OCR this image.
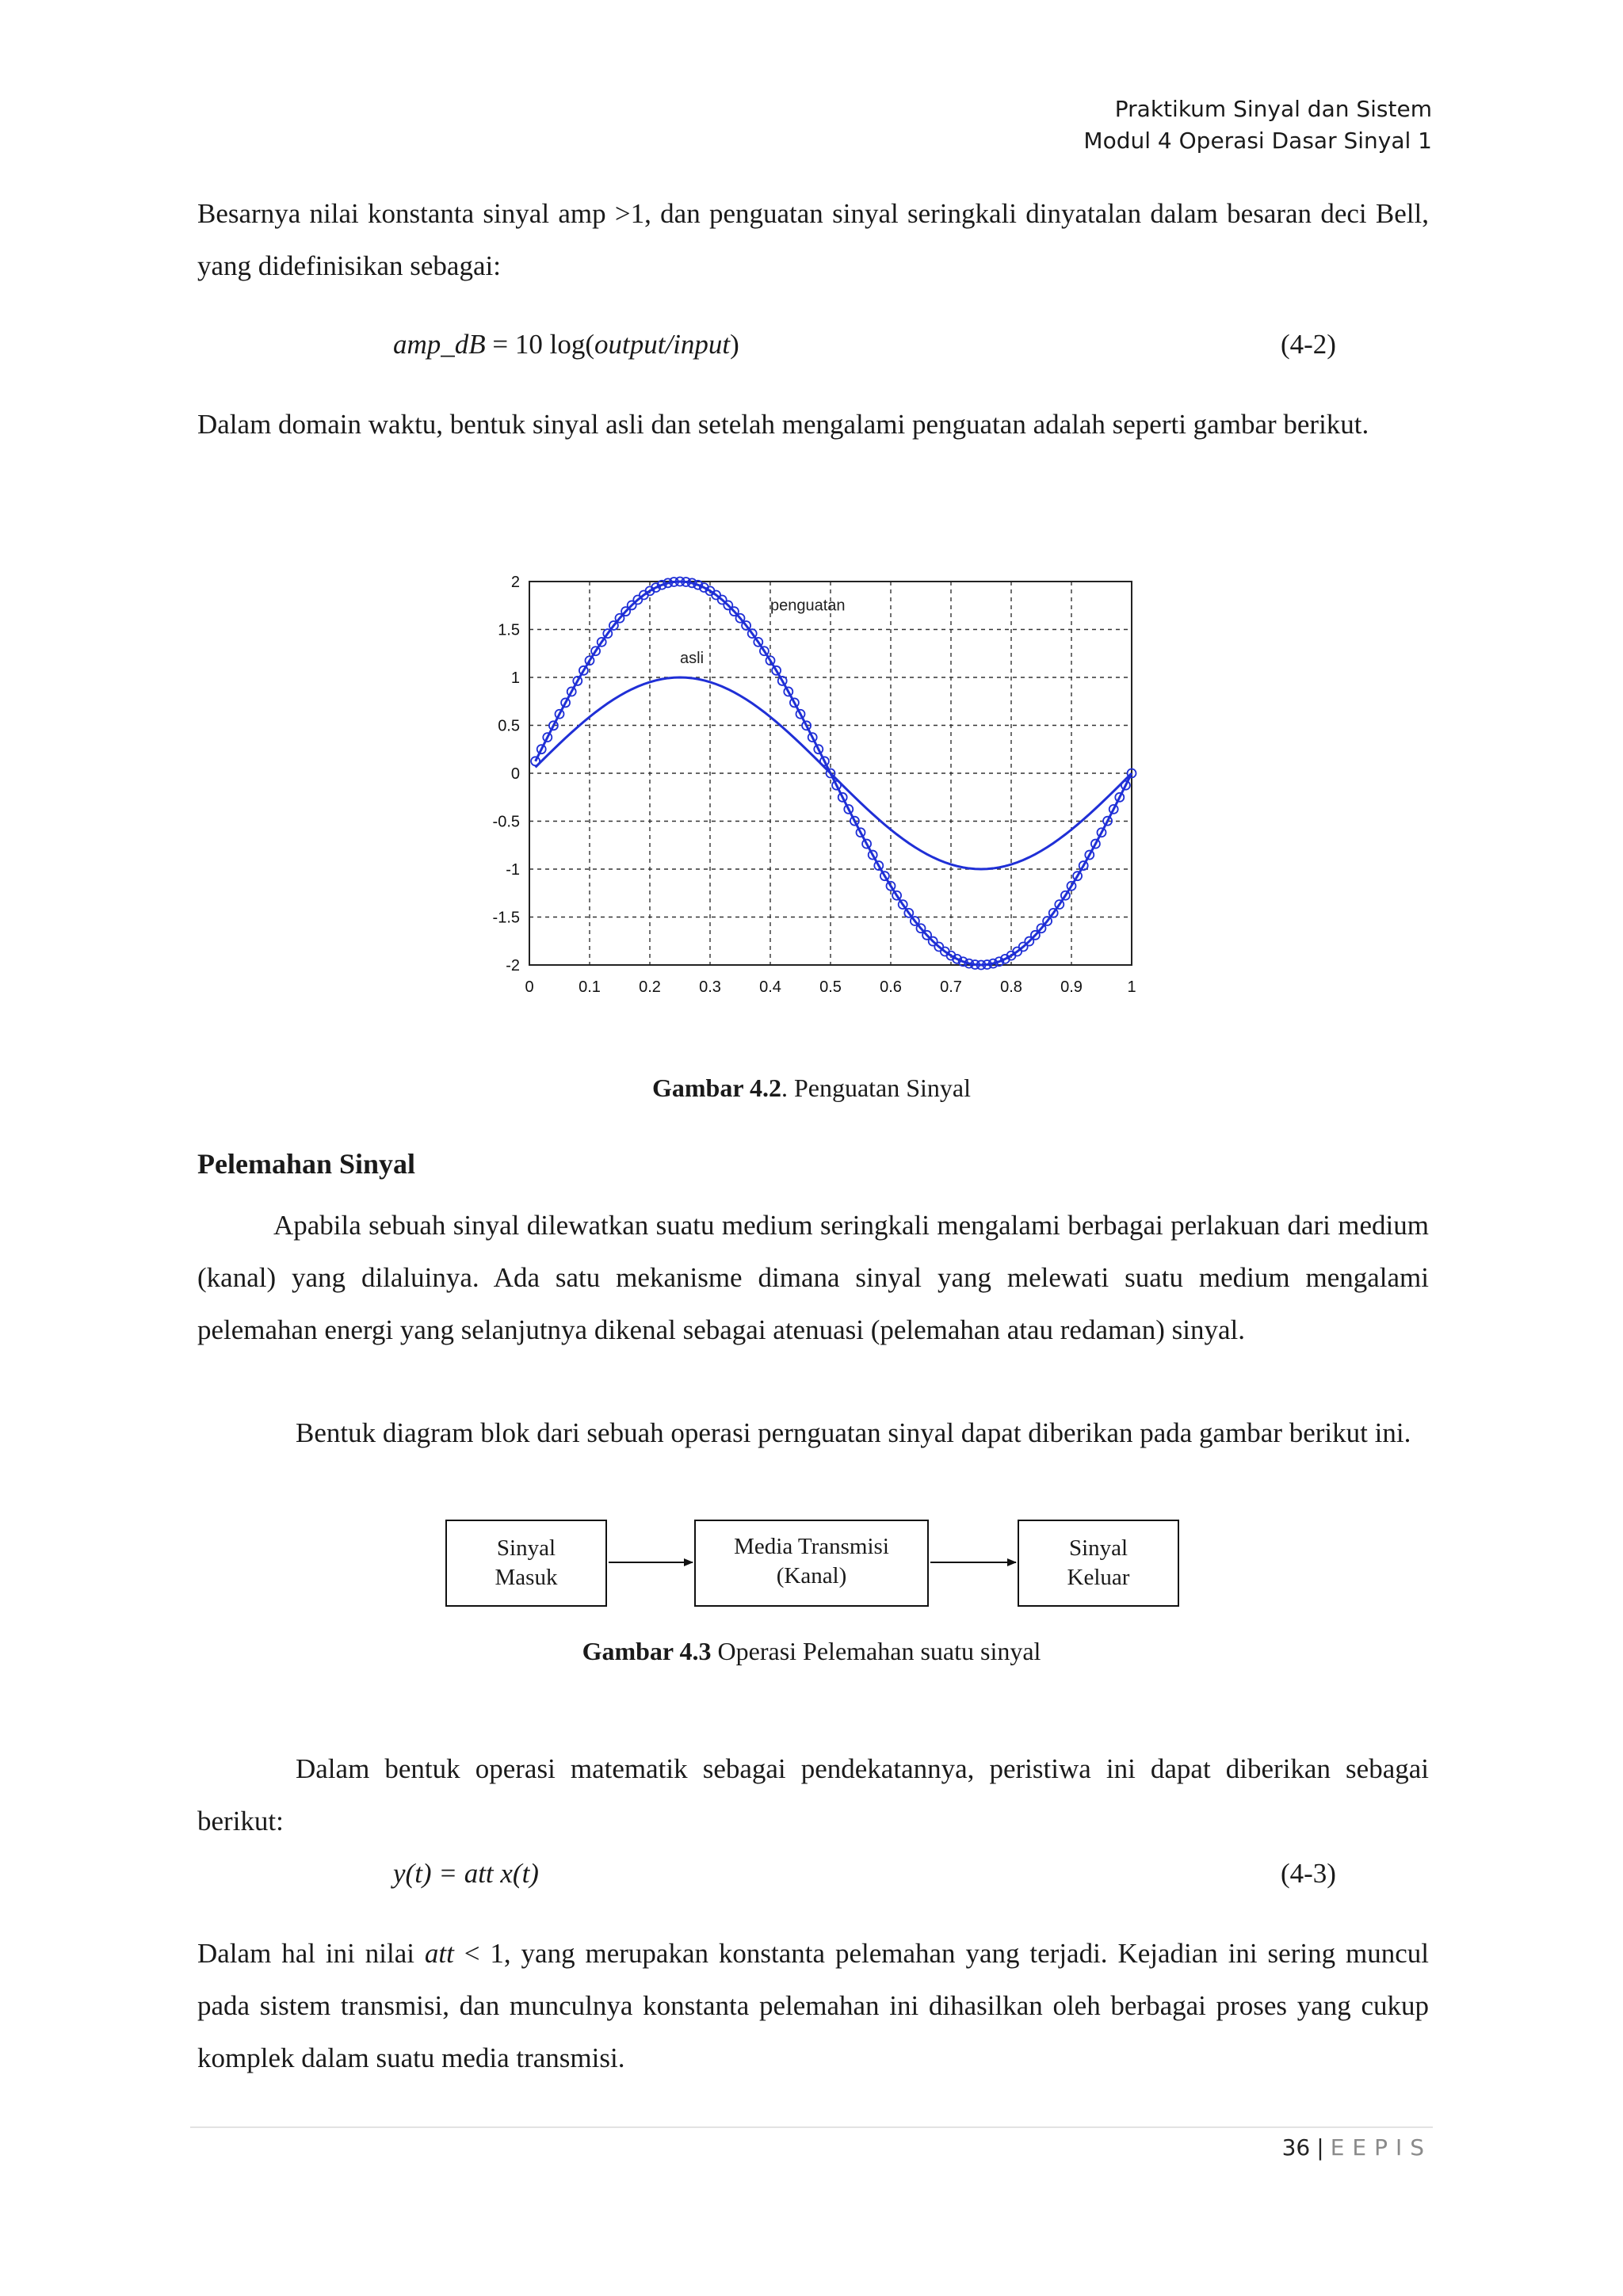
Praktikum Sinyal dan Sistem
Modul 4 Operasi Dasar Sinyal 1

Besarnya nilai konstanta sinyal amp >1, dan penguatan sinyal seringkali dinyatalan dalam besaran deci Bell, yang didefinisikan sebagai:

amp_dB = 10 log(output/input)	(4-2)

Dalam domain waktu, bentuk sinyal asli dan setelah mengalami penguatan adalah seperti gambar berikut.

0	0.1 0.2 0.3 0.4 0.5 0.6 0.7 0.8 0.9	1
-2
-1.5
-1
-0.5
0
0.5
1
1.5
2
penguatan
asli
Gambar 4.2. Penguatan Sinyal
Pelemahan Sinyal

Apabila sebuah sinyal dilewatkan suatu medium seringkali mengalami berbagai perlakuan dari medium (kanal) yang dilaluinya. Ada satu mekanisme dimana sinyal yang melewati suatu medium mengalami pelemahan energi yang selanjutnya dikenal sebagai atenuasi (pelemahan atau redaman) sinyal.

Bentuk diagram blok dari sebuah operasi pernguatan sinyal dapat diberikan pada gambar berikut ini.

Sinyal
Masuk
Media Transmisi
(Kanal)
Sinyal
Keluar
Gambar 4.3 Operasi Pelemahan suatu sinyal

Dalam bentuk operasi matematik sebagai pendekatannya, peristiwa ini dapat diberikan sebagai berikut:

y(t) = att x(t)	(4-3)

Dalam hal ini nilai att < 1, yang merupakan konstanta pelemahan yang terjadi. Kejadian ini sering muncul pada sistem transmisi, dan munculnya konstanta pelemahan ini dihasilkan oleh berbagai proses yang cukup komplek dalam suatu media transmisi.

36 | EEPIS
